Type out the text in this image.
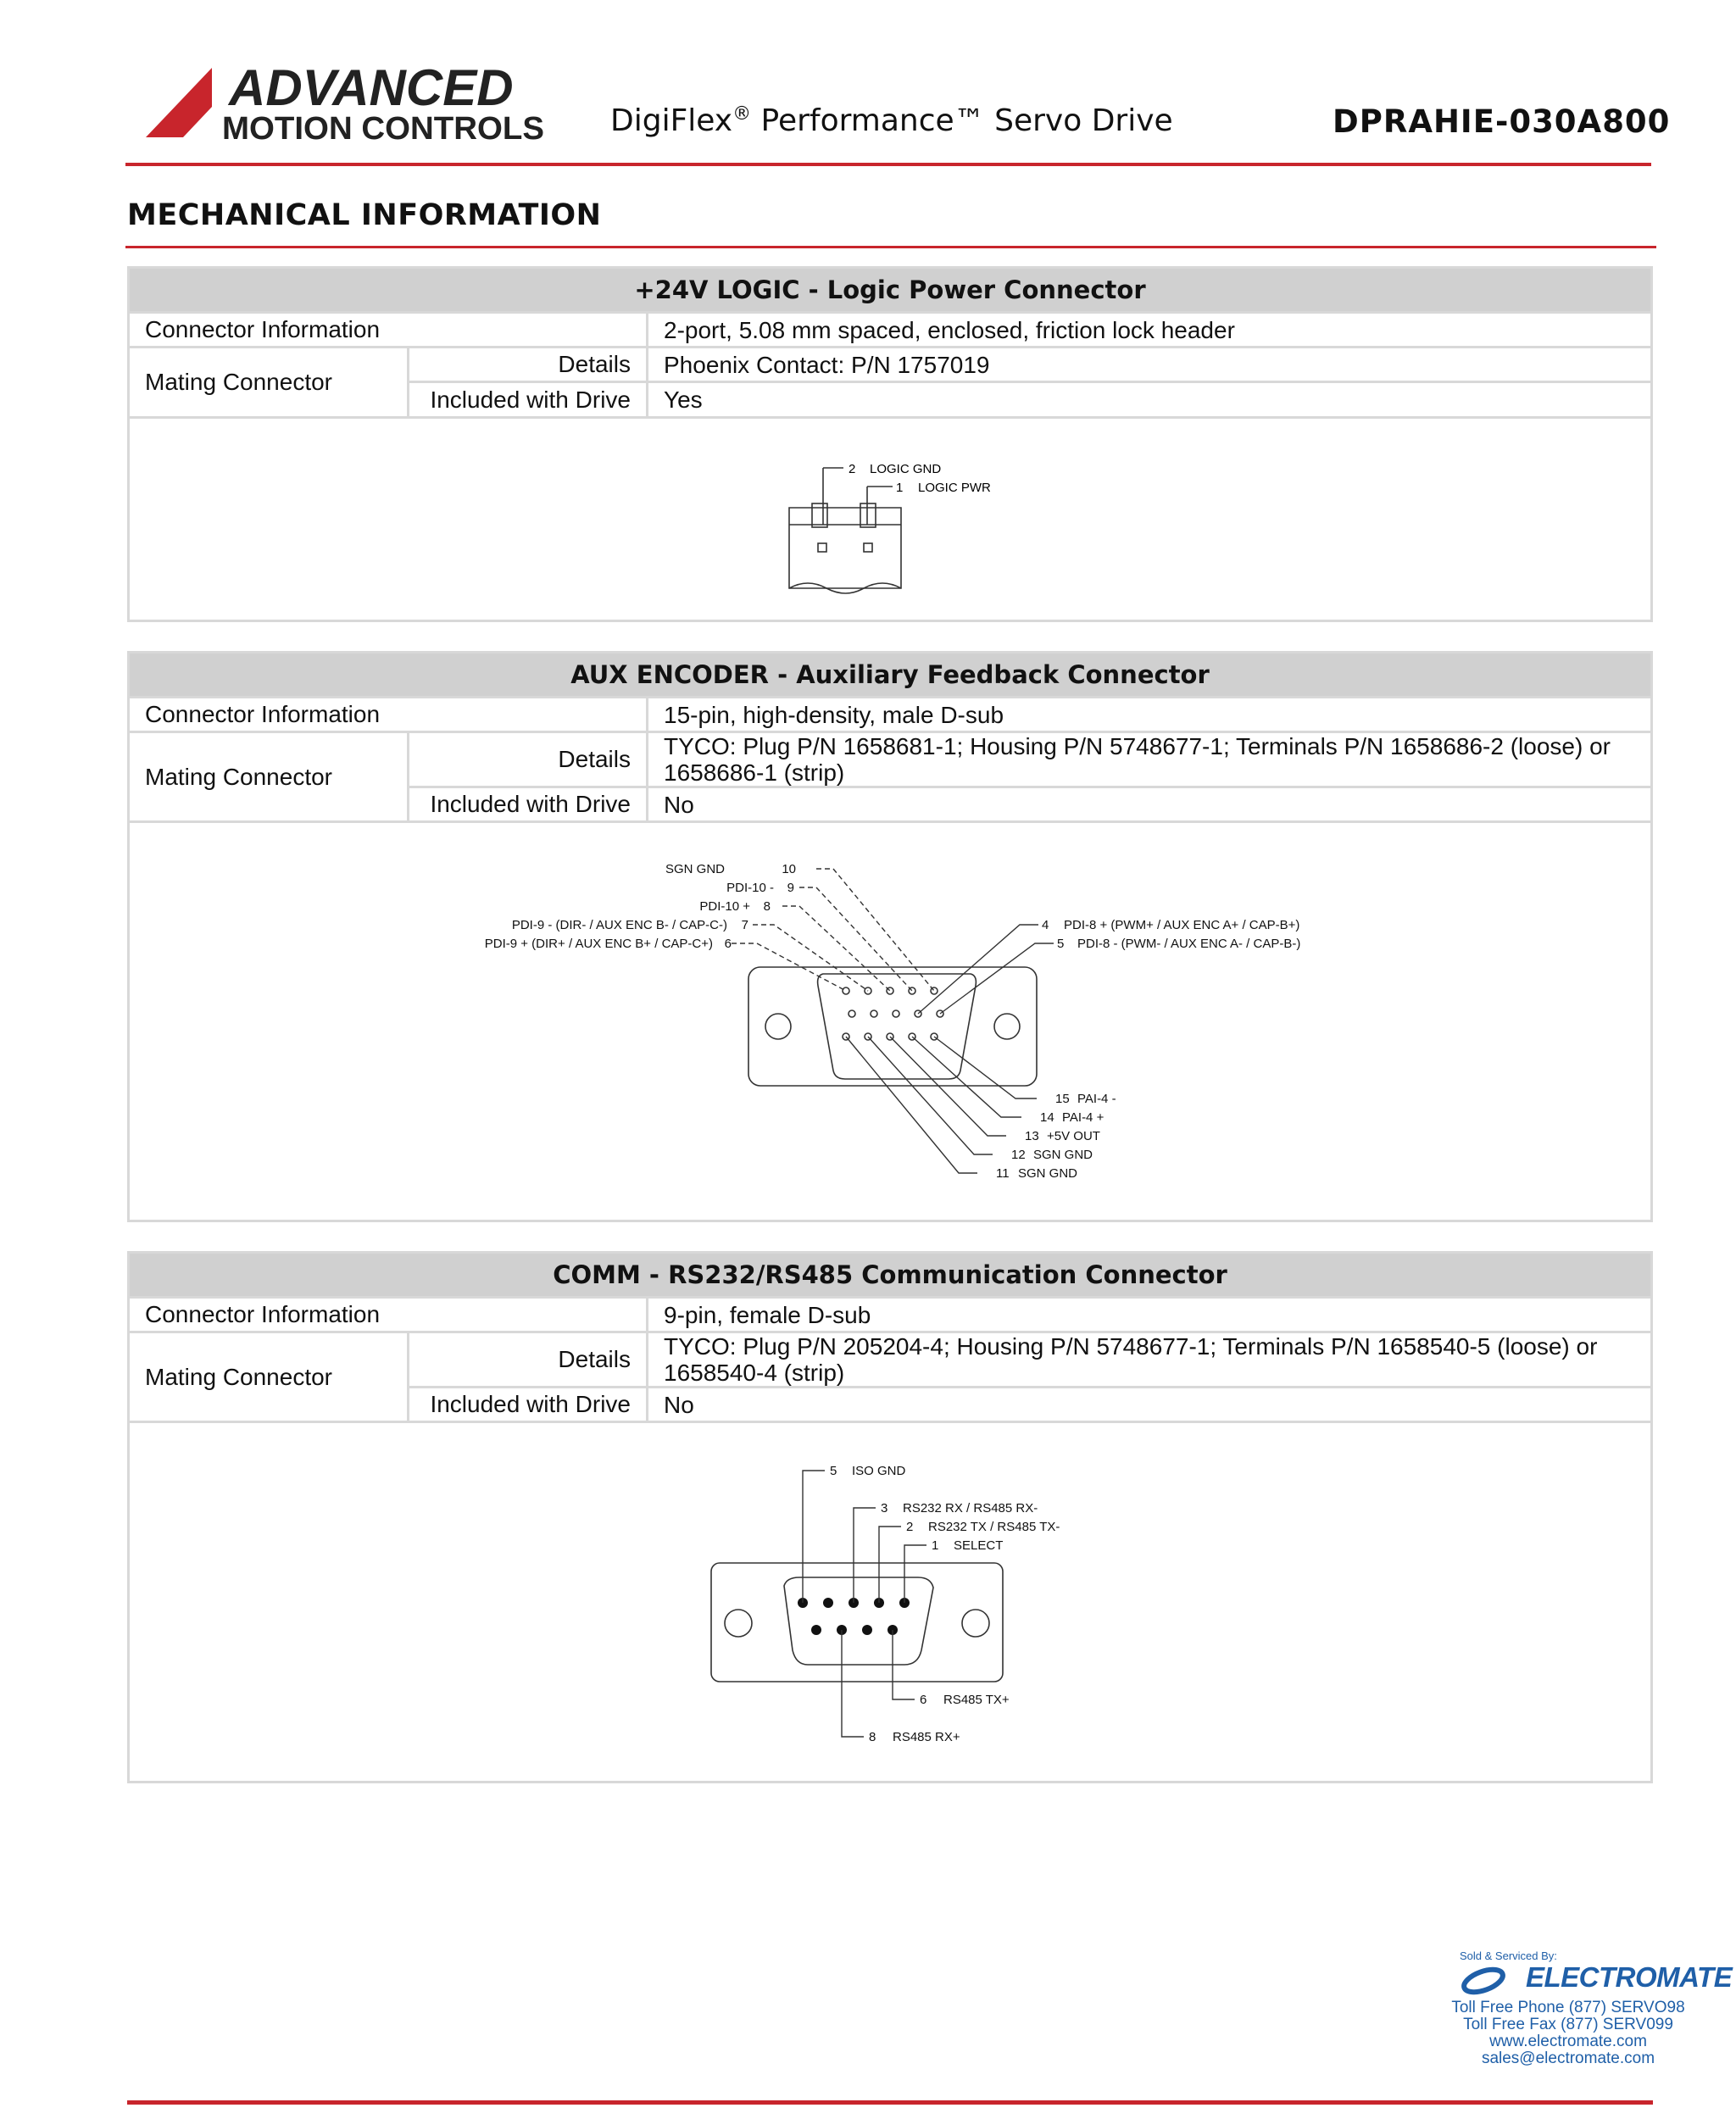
ADVANCED
MOTION CONTROLS DigiFlex® Performance™ Servo Drive	DPRAHIE-030A800
MECHANICAL INFORMATION
+24V LOGIC - Logic Power Connector
Connector Information	2-port, 5.08 mm spaced, enclosed, friction lock header
Mating Connector
Details	Phoenix Contact: P/N 1757019
Included with Drive	Yes
2 LOGIC GND
1 LOGIC PWR
AUX ENCODER - Auxiliary Feedback Connector
Connector Information	15-pin, high-density, male D-sub
Mating Connector
Details	TYCO: Plug P/N 1658681-1; Housing P/N 5748677-1; Terminals P/N 1658686-2 (loose) or
1658686-1 (strip)
Included with Drive	No
SGN GND	10
PDI-10 - 9
PDI-10 + 8
PDI-9 - (DIR- / AUX ENC B- / CAP-C-) 7
PDI-9 + (DIR+ / AUX ENC B+ / CAP-C+) 6
4 PDI-8 + (PWM+ / AUX ENC A+ / CAP-B+)
5 PDI-8 - (PWM- / AUX ENC A- / CAP-B-)
15 PAI-4 -
14 PAI-4 +
13 +5V OUT
12 SGN GND
11 SGN GND
COMM - RS232/RS485 Communication Connector
Connector Information	9-pin, female D-sub
Mating Connector
Details	TYCO: Plug P/N 205204-4; Housing P/N 5748677-1; Terminals P/N 1658540-5 (loose) or
1658540-4 (strip)
Included with Drive	No
5 ISO GND
3 RS232 RX / RS485 RX-
2 RS232 TX / RS485 TX-
1 SELECT
6 RS485 TX+
8 RS485 RX+
Sold & Serviced By:
ELECTROMATE
Toll Free Phone (877) SERVO98
Toll Free Fax (877) SERV099
www.electromate.com
sales@electromate.com
